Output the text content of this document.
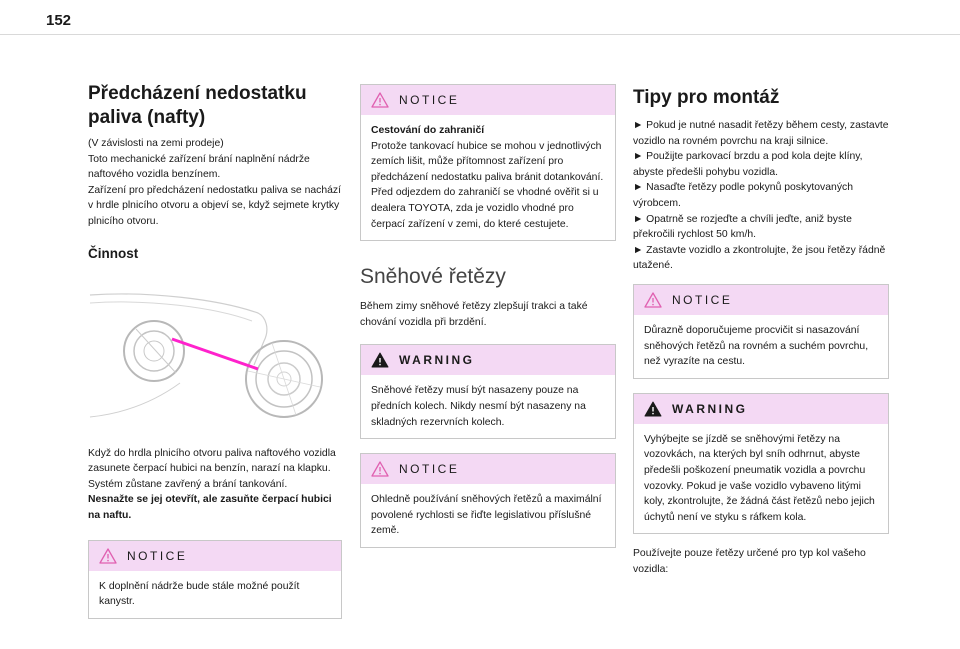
152
Předcházení nedostatku paliva (nafty)

(V závislosti na zemi prodeje)

Toto mechanické zařízení brání naplnění nádrže naftového vozidla benzínem.

Zařízení pro předcházení nedostatku paliva se nachází v hrdle plnicího otvoru a objeví se, když sejmete krytky plnicího otvoru.

Činnost

Když do hrdla plnicího otvoru paliva naftového vozidla zasunete čerpací hubici na benzín, narazí na klapku. Systém zůstane zavřený a brání tankování.

Nesnažte se jej otevřít, ale zasuňte čerpací hubici na naftu.

NOTICE

K doplnění nádrže bude stále možné použít kanystr.

NOTICE

Cestování do zahraničí

Protože tankovací hubice se mohou v jednotlivých zemích lišit, může přítomnost zařízení pro předcházení nedostatku paliva bránit dotankování.

Před odjezdem do zahraničí se vhodné ověřit si u dealera TOYOTA, zda je vozidlo vhodné pro čerpací zařízení v zemi, do které cestujete.

Sněhové řetězy

Během zimy sněhové řetězy zlepšují trakci a také chování vozidla při brzdění.

WARNING

Sněhové řetězy musí být nasazeny pouze na předních kolech. Nikdy nesmí být nasazeny na skladných rezervních kolech.

NOTICE

Ohledně používání sněhových řetězů a maximální povolené rychlosti se řiďte legislativou příslušné země.

Tipy pro montáž

► Pokud je nutné nasadit řetězy během cesty, zastavte vozidlo na rovném povrchu na kraji silnice.

► Použijte parkovací brzdu a pod kola dejte klíny, abyste předešli pohybu vozidla.

► Nasaďte řetězy podle pokynů poskytovaných výrobcem.

► Opatrně se rozjeďte a chvíli jeďte, aniž byste překročili rychlost 50 km/h.

► Zastavte vozidlo a zkontrolujte, že jsou řetězy řádně utažené.

NOTICE

Důrazně doporučujeme procvičit si nasazování sněhových řetězů na rovném a suchém povrchu, než vyrazíte na cestu.

WARNING

Vyhýbejte se jízdě se sněhovými řetězy na vozovkách, na kterých byl sníh odhrnut, abyste předešli poškození pneumatik vozidla a povrchu vozovky. Pokud je vaše vozidlo vybaveno litými koly, zkontrolujte, že žádná část řetězů nebo jejich úchytů není ve styku s ráfkem kola.

Používejte pouze řetězy určené pro typ kol vašeho vozidla:
